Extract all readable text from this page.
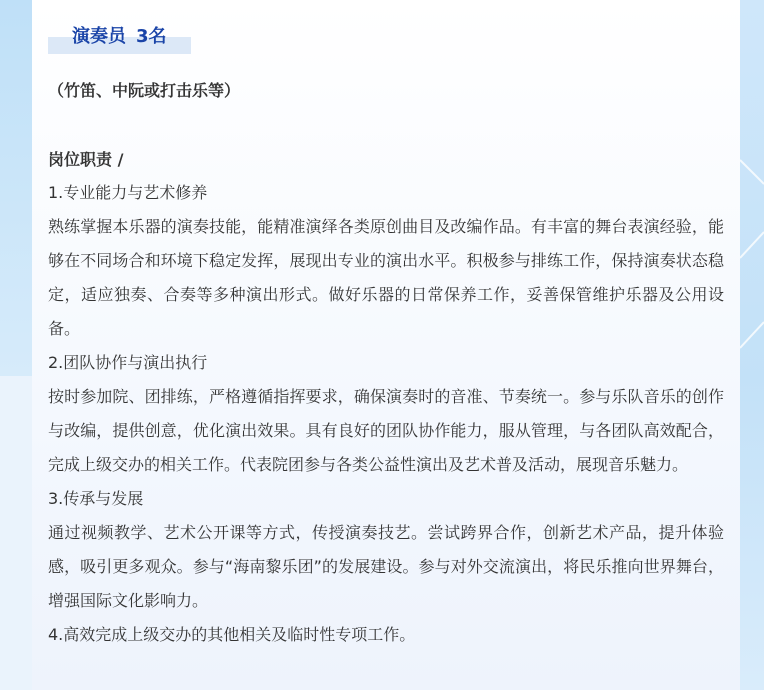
演奏员 3名
（竹笛、中阮或打击乐等）
岗位职责 /

1.专业能力与艺术修养

熟练掌握本乐器的演奏技能，能精准演绎各类原创曲目及改编作品。有丰富的舞台表演经验，能够在不同场合和环境下稳定发挥，展现出专业的演出水平。积极参与排练工作，保持演奏状态稳定，适应独奏、合奏等多种演出形式。做好乐器的日常保养工作，妥善保管维护乐器及公用设备。

2.团队协作与演出执行

按时参加院、团排练，严格遵循指挥要求，确保演奏时的音准、节奏统一。参与乐队音乐的创作与改编，提供创意，优化演出效果。具有良好的团队协作能力，服从管理，与各团队高效配合，完成上级交办的相关工作。代表院团参与各类公益性演出及艺术普及活动，展现音乐魅力。

3.传承与发展

通过视频教学、艺术公开课等方式，传授演奏技艺。尝试跨界合作，创新艺术产品，提升体验感，吸引更多观众。参与“海南黎乐团”的发展建设。参与对外交流演出，将民乐推向世界舞台，增强国际文化影响力。

4.高效完成上级交办的其他相关及临时性专项工作。
